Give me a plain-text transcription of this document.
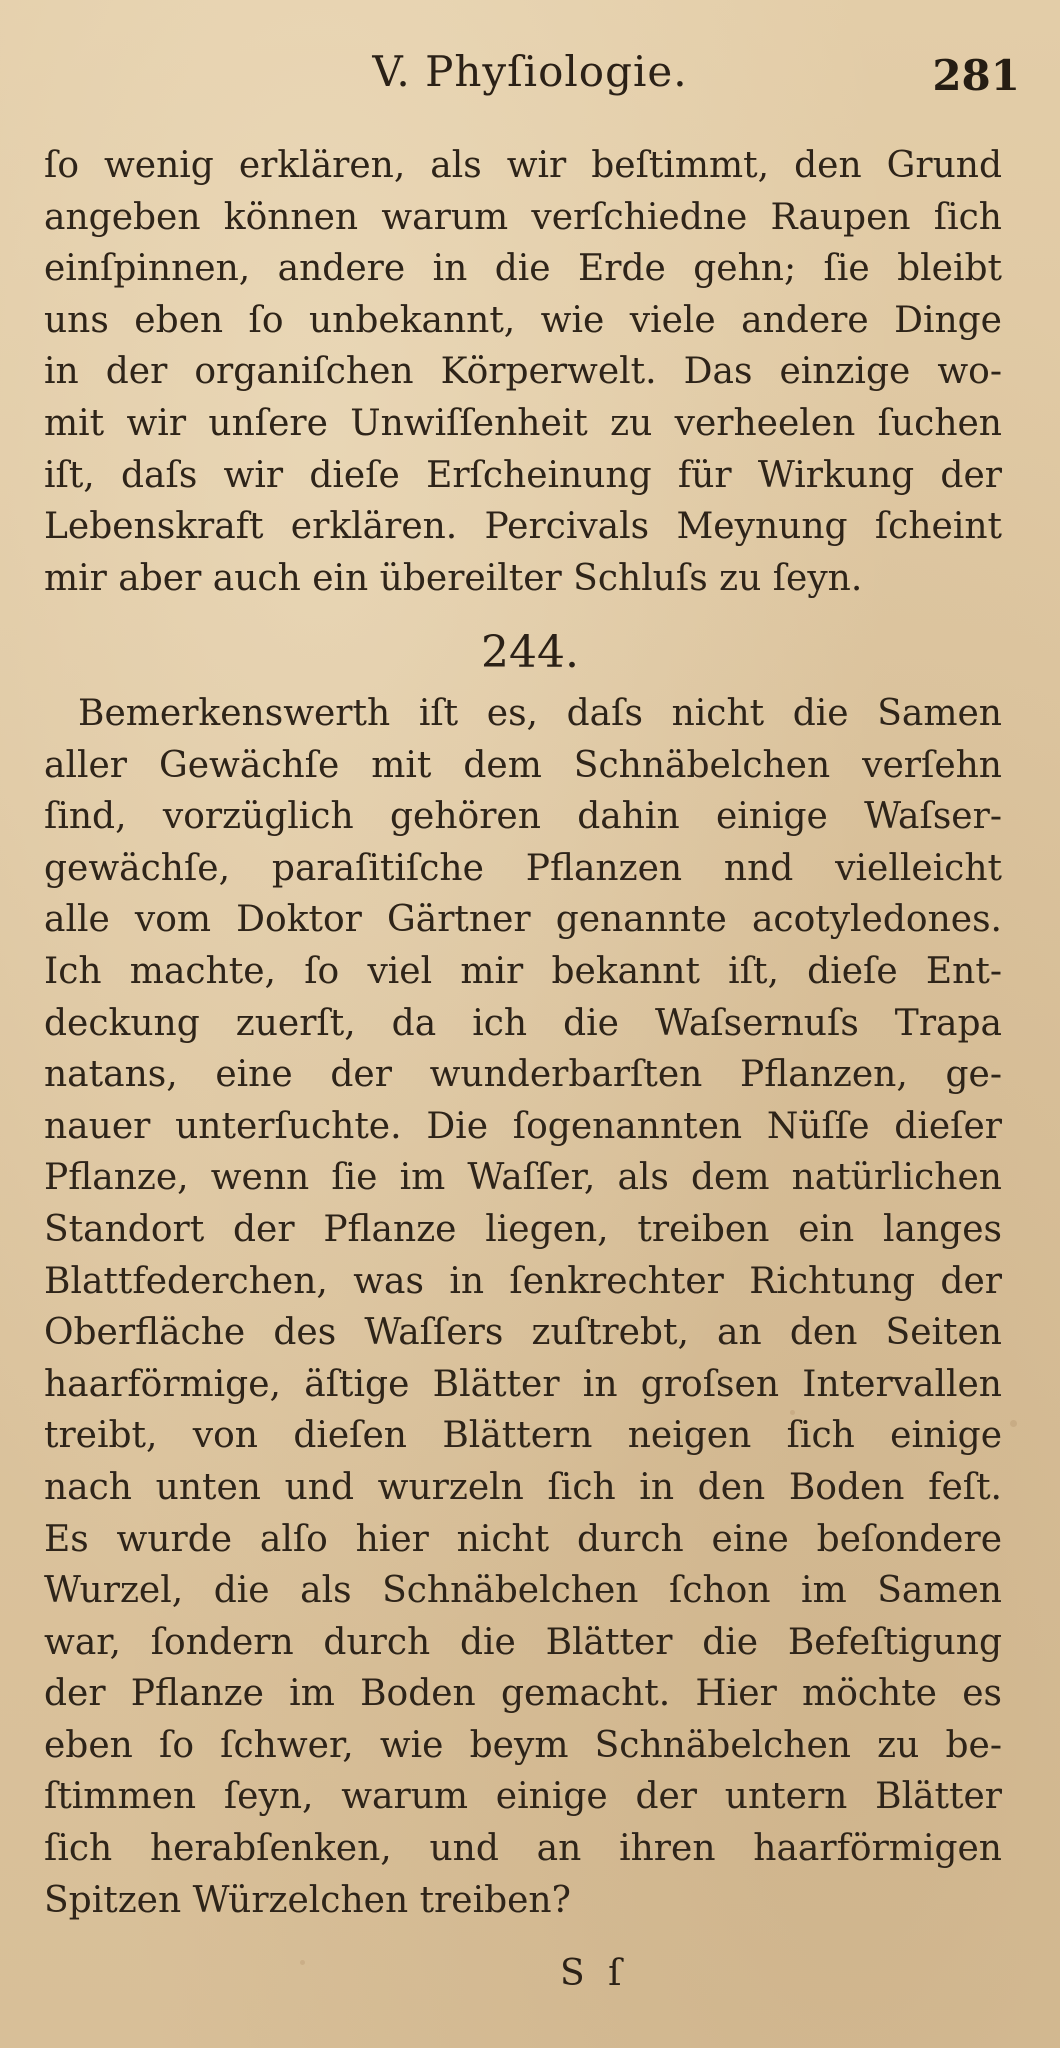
V. Phyſiologie.	281
ſo wenig erklären, als wir beſtimmt, den Grund
angeben können warum verſchiedne Raupen ſich
einſpinnen, andere in die Erde gehn; ſie bleibt
uns eben ſo unbekannt, wie viele andere Dinge
in der organiſchen Körperwelt. Das einzige wo-
mit wir unſere Unwiſſenheit zu verheelen ſuchen
iſt, daſs wir dieſe Erſcheinung für Wirkung der
Lebenskraft erklären. Percivals Meynung ſcheint
mir aber auch ein übereilter Schluſs zu ſeyn.
244.
Bemerkenswerth iſt es, daſs nicht die Samen
aller Gewächſe mit dem Schnäbelchen verſehn
ſind, vorzüglich gehören dahin einige Waſser-
gewächſe, paraſitiſche Pflanzen nnd vielleicht
alle vom Doktor Gärtner genannte acotyledones.
Ich machte, ſo viel mir bekannt iſt, dieſe Ent-
deckung zuerſt, da ich die Waſsernuſs Trapa
natans, eine der wunderbarſten Pflanzen, ge-
nauer unterſuchte. Die ſogenannten Nüſſe dieſer
Pflanze, wenn ſie im Waſſer, als dem natürlichen
Standort der Pflanze liegen, treiben ein langes
Blattfederchen, was in ſenkrechter Richtung der
Oberfläche des Waſſers zuſtrebt, an den Seiten
haarförmige, äſtige Blätter in groſsen Intervallen
treibt, von dieſen Blättern neigen ſich einige
nach unten und wurzeln ſich in den Boden feſt.
Es wurde alſo hier nicht durch eine beſondere
Wurzel, die als Schnäbelchen ſchon im Samen
war, ſondern durch die Blätter die Befeſtigung
der Pflanze im Boden gemacht. Hier möchte es
eben ſo ſchwer, wie beym Schnäbelchen zu be-
ſtimmen ſeyn, warum einige der untern Blätter
ſich herabſenken, und an ihren haarförmigen
Spitzen Würzelchen treiben?
S ſ
